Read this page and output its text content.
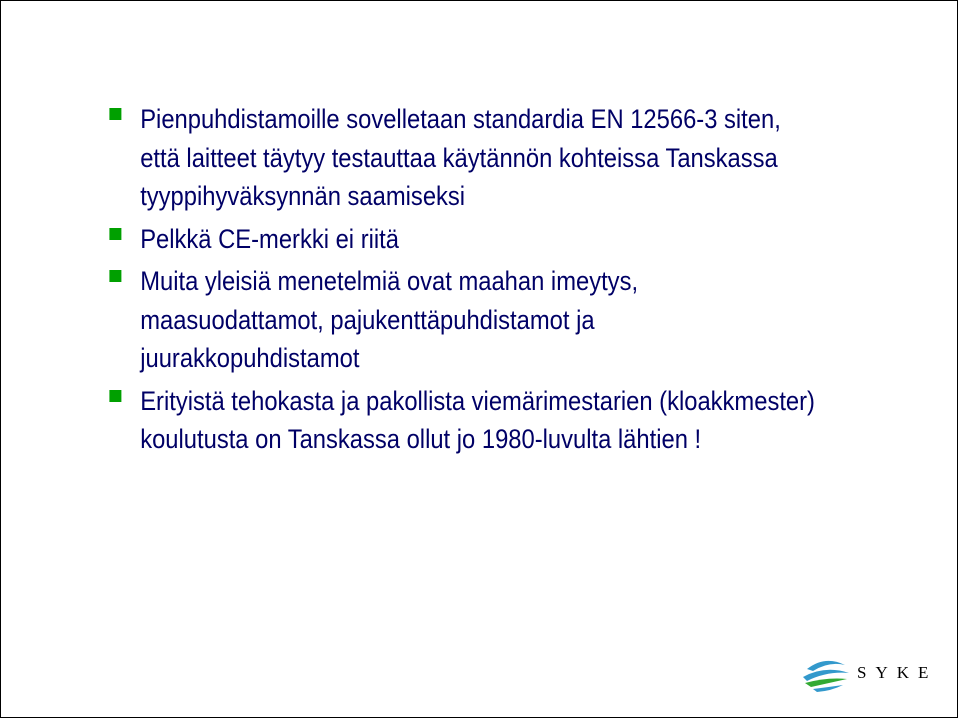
Pienpuhdistamoille sovelletaan standardia EN 12566-3 siten, että laitteet täytyy testauttaa käytännön kohteissa Tanskassa tyyppihyväksynnän saamiseksi
Pelkkä CE-merkki ei riitä
Muita yleisiä menetelmiä ovat maahan imeytys, maasuodattamot, pajukenttäpuhdistamot ja juurakkopuhdistamot
Erityistä tehokasta ja pakollista viemärimestarien (kloakkmester) koulutusta on Tanskassa ollut jo 1980-luvulta lähtien !
SYKE
